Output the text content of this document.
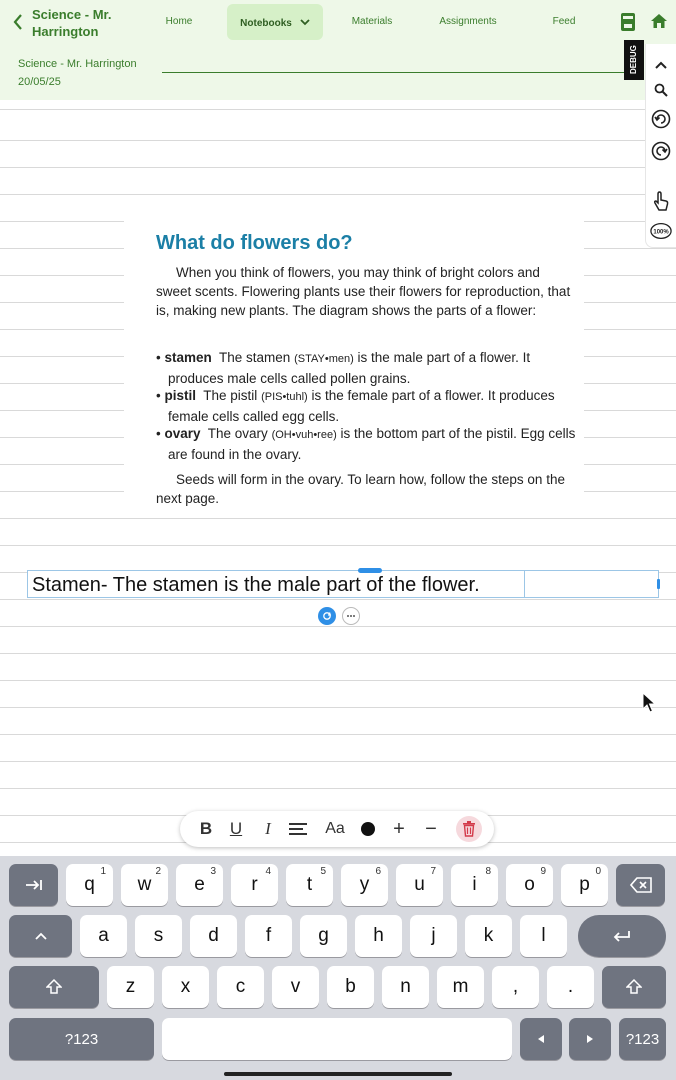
Science - Mr. Harrington
Home	Notebooks	Materials	Assignments	Feed
Science - Mr. Harrington
20/05/25
DEBUG
100%
What do flowers do?
When you think of flowers, you may think of bright colors and sweet scents. Flowering plants use their flowers for reproduction, that is, making new plants. The diagram shows the parts of a flower:
• stamen The stamen (STAY•men) is the male part of a flower. It produces male cells called pollen grains.
• pistil The pistil (PIS•tuhl) is the female part of a flower. It produces female cells called egg cells.
• ovary The ovary (OH•vuh•ree) is the bottom part of the pistil. Egg cells are found in the ovary.
Seeds will form in the ovary. To learn how, follow the steps on the next page.
Stamen- The stamen is the male part of the flower.
B	U	I	Aa	+	−
q
1
w
2
e
3
r
4
t
5
y
6
u
7
i
8
o
9
p
0
a	s	d	f	g	h	j	k	l
z	x	c	v	b	n	m	,	.
?123	?123
